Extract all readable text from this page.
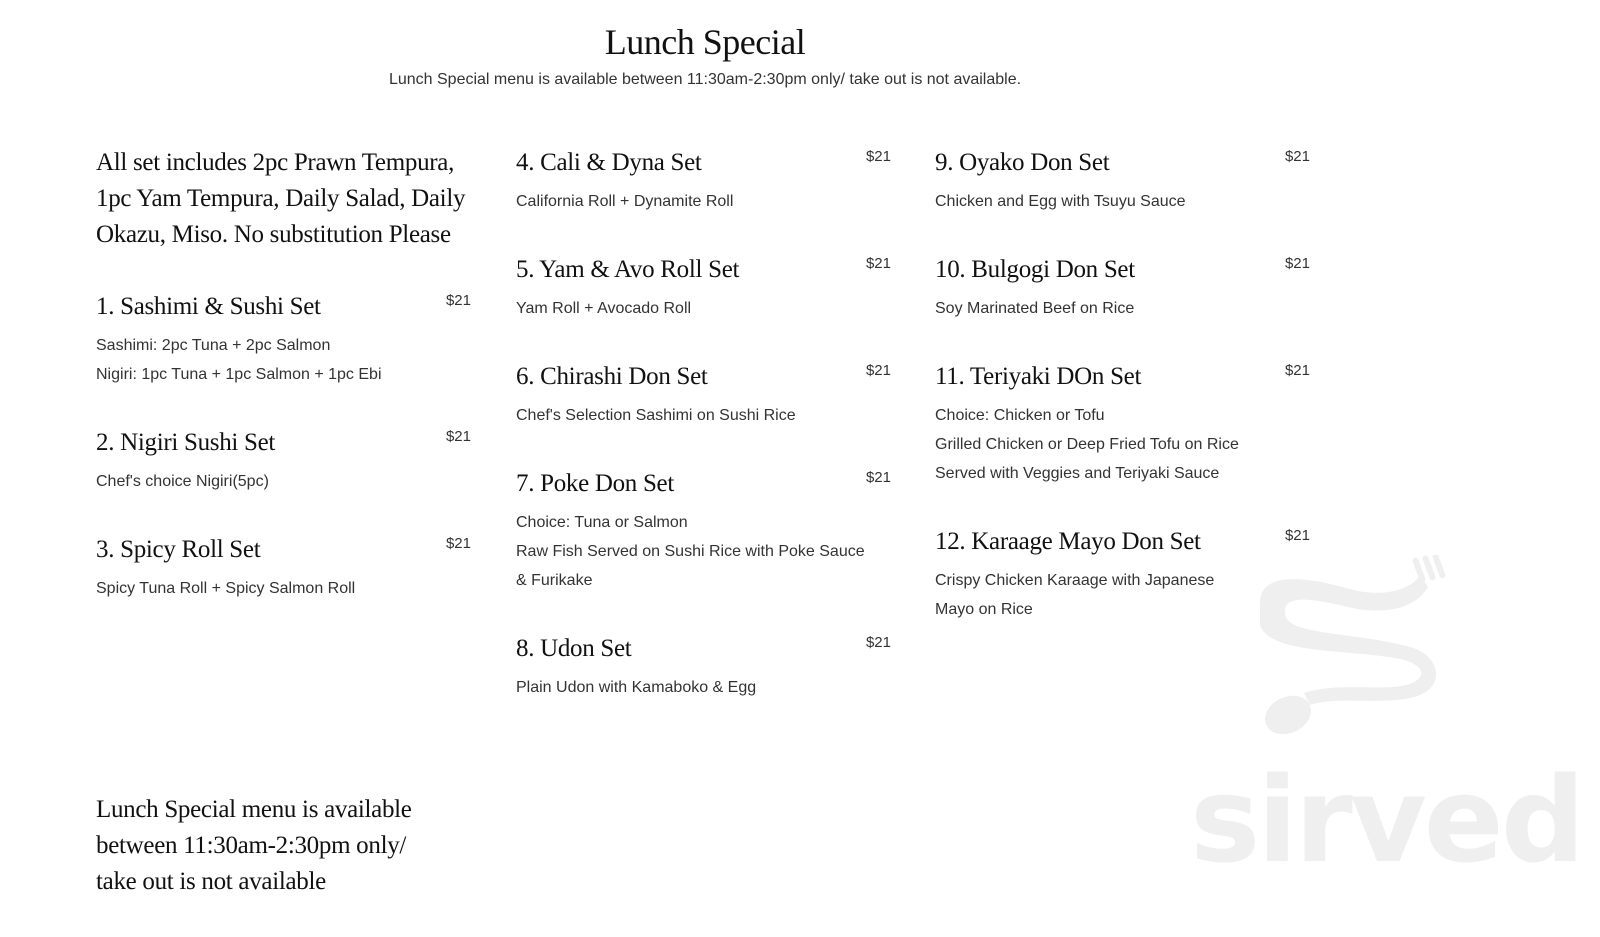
Lunch Special
Lunch Special menu is available between 11:30am-2:30pm only/ take out is not available.

All set includes 2pc Prawn Tempura, 1pc Yam Tempura, Daily Salad, Daily Okazu, Miso. No substitution Please

1. Sashimi & Sushi Set	$21
Sashimi: 2pc Tuna + 2pc Salmon
Nigiri: 1pc Tuna + 1pc Salmon + 1pc Ebi
2. Nigiri Sushi Set	$21
Chef's choice Nigiri(5pc)
3. Spicy Roll Set	$21
Spicy Tuna Roll + Spicy Salmon Roll
4. Cali & Dyna Set	$21
California Roll + Dynamite Roll
5. Yam & Avo Roll Set	$21
Yam Roll + Avocado Roll
6. Chirashi Don Set	$21
Chef's Selection Sashimi on Sushi Rice
7. Poke Don Set	$21
Choice: Tuna or Salmon
Raw Fish Served on Sushi Rice with Poke Sauce
& Furikake
8. Udon Set	$21
Plain Udon with Kamaboko & Egg
9. Oyako Don Set	$21
Chicken and Egg with Tsuyu Sauce
10. Bulgogi Don Set	$21
Soy Marinated Beef on Rice
11. Teriyaki DOn Set	$21
Choice: Chicken or Tofu
Grilled Chicken or Deep Fried Tofu on Rice
Served with Veggies and Teriyaki Sauce
12. Karaage Mayo Don Set	$21
Crispy Chicken Karaage with Japanese
Mayo on Rice
Lunch Special menu is available between 11:30am-2:30pm only/ take out is not available	sirved
